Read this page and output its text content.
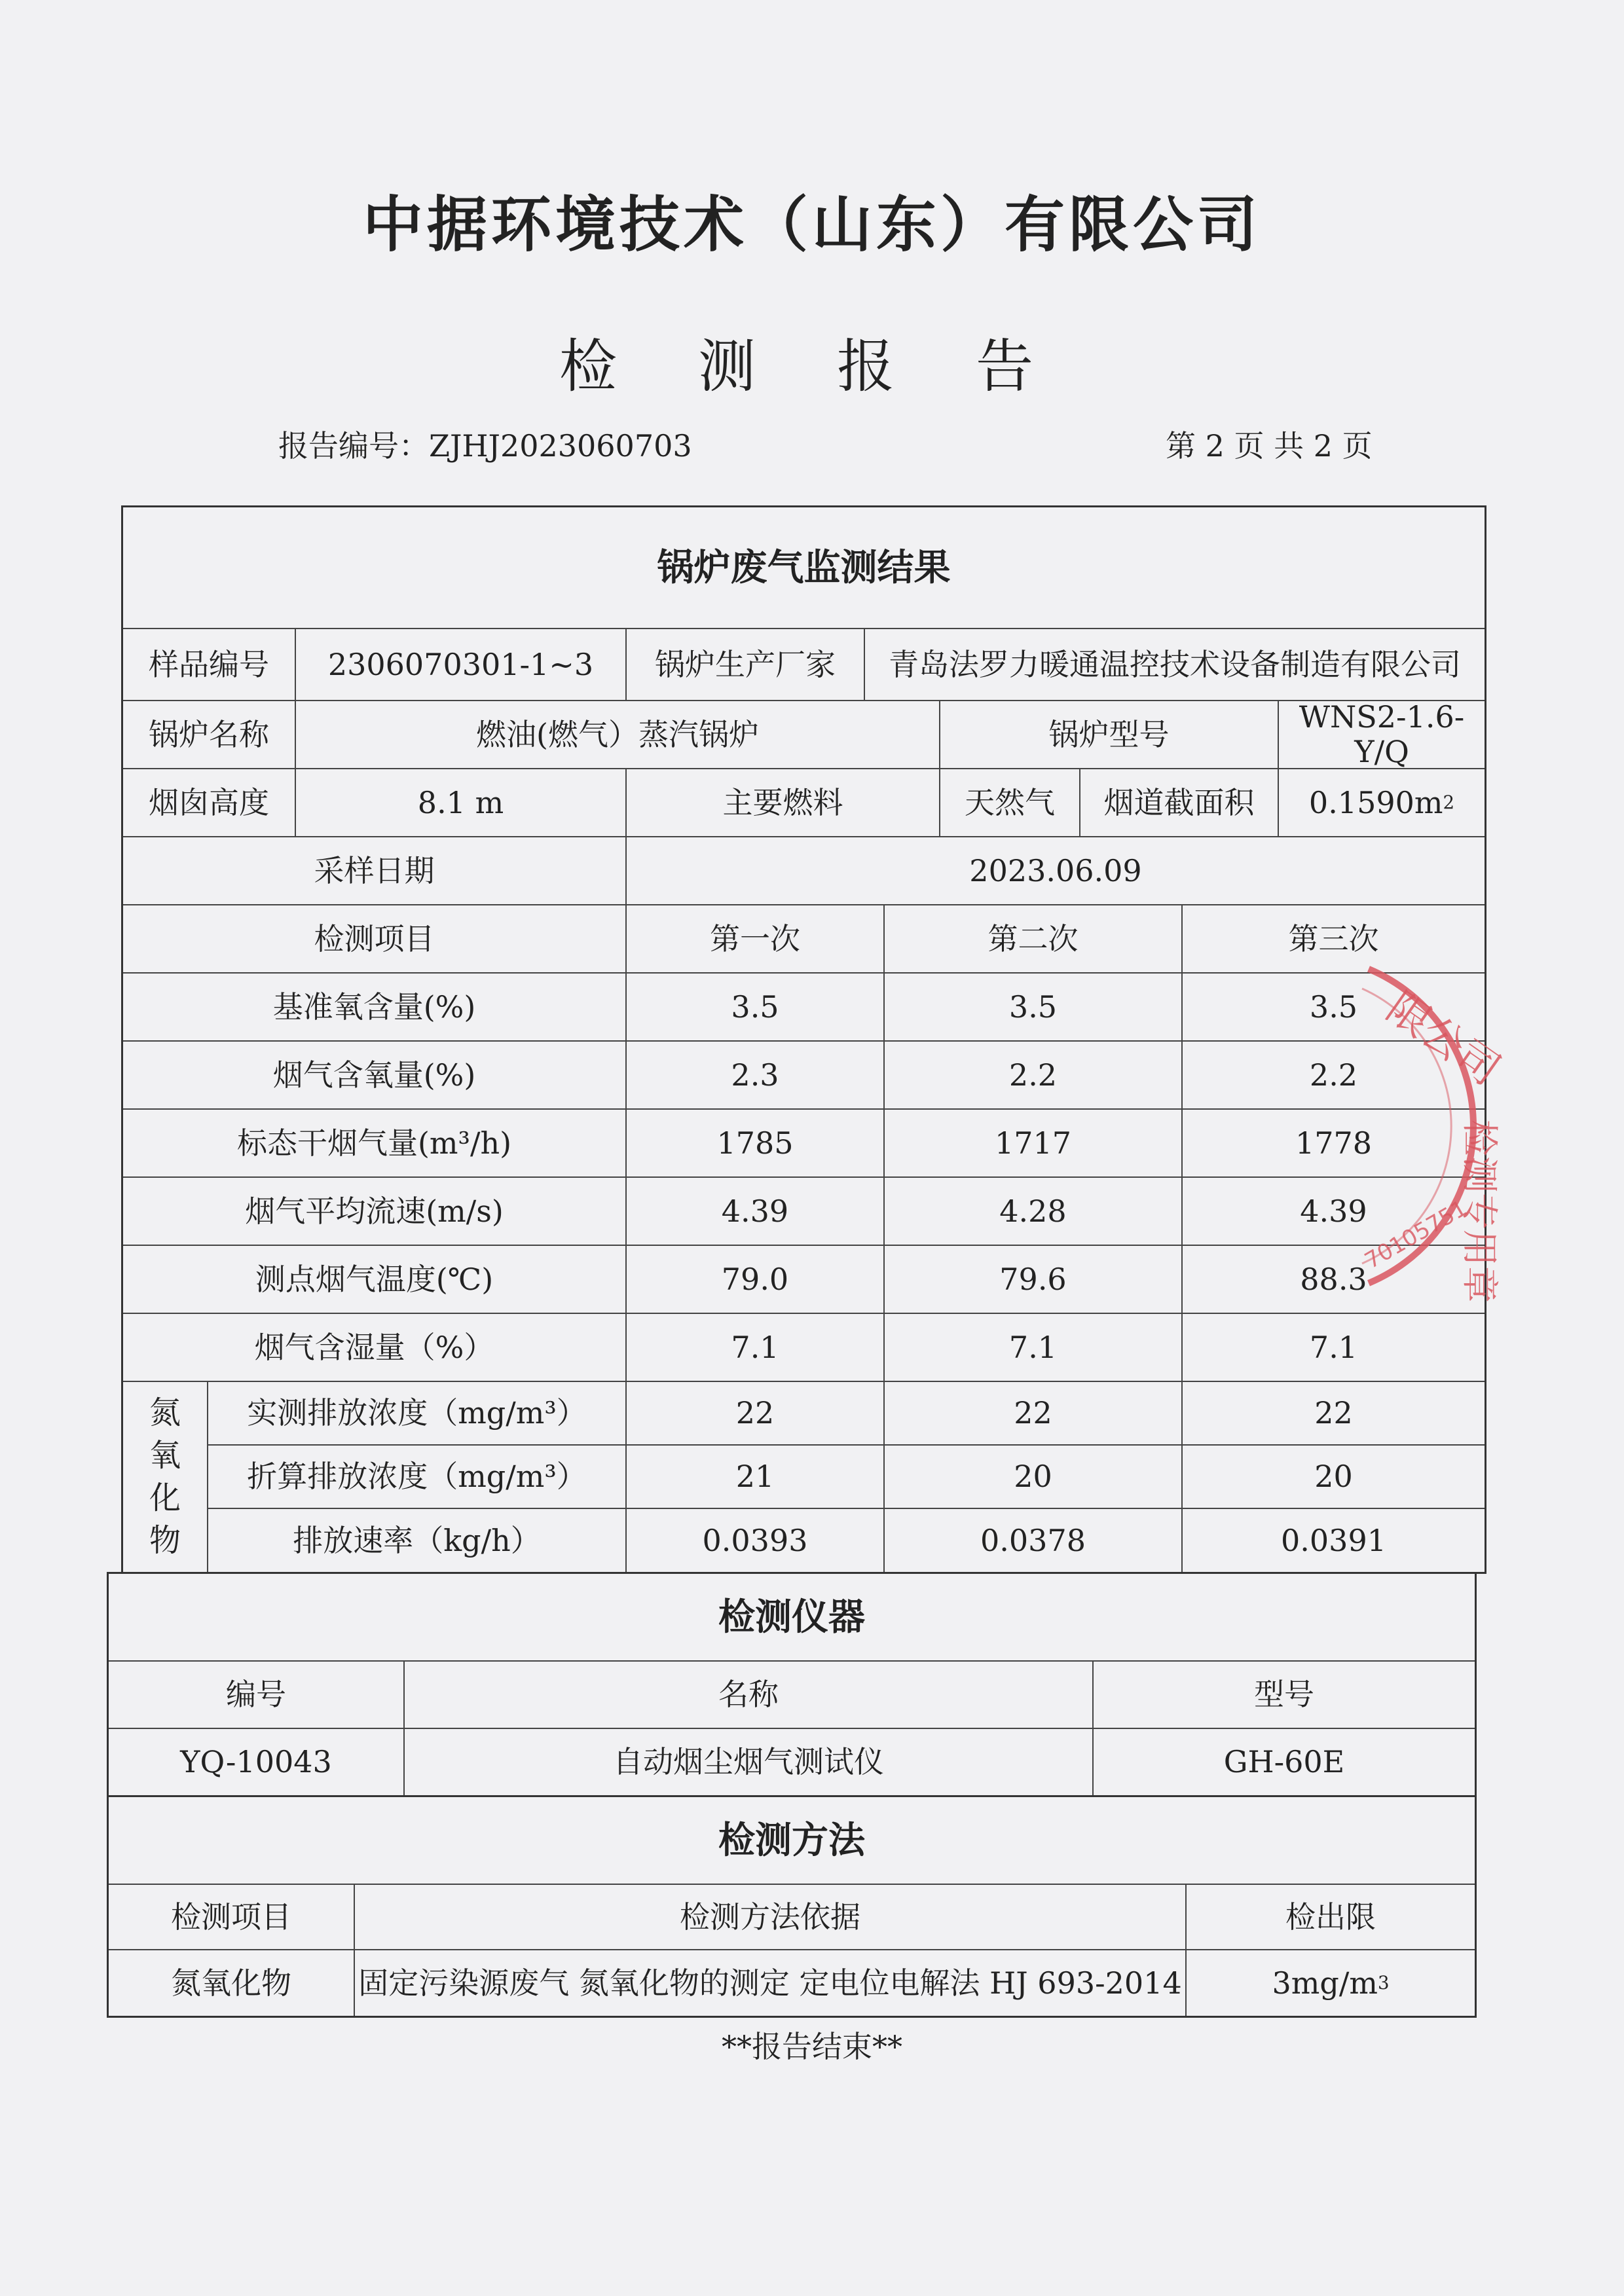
中据环境技术（山东）有限公司
检 测 报 告
报告编号：ZJHJ2023060703	第 2 页 共 2 页
锅炉废气监测结果
样品编号	2306070301-1~3	锅炉生产厂家	青岛法罗力暖通温控技术设备制造有限公司
锅炉名称	燃油(燃气）蒸汽锅炉	锅炉型号	WNS2-1.6-Y/Q
烟囱高度	8.1 m	主要燃料	天然气	烟道截面积	0.1590m 2
采样日期	2023.06.09
检测项目	第一次	第二次	第三次
基准氧含量(%)	3.5	3.5	3.5
烟气含氧量(%)	2.3	2.2	2.2
标态干烟气量(m³/h)	1785	1717	1778
烟气平均流速(m/s)	4.39	4.28	4.39
测点烟气温度(℃)	79.0	79.6	88.3
烟气含湿量（%）	7.1	7.1	7.1
氮
氧
化
物
实测排放浓度（mg/m³）	22	22	22
折算排放浓度（mg/m³）	21	20	20
排放速率（kg/h）	0.0393	0.0378	0.0391
检测仪器
编号	名称	型号
YQ-10043	自动烟尘烟气测试仪	GH-60E
检测方法
检测项目	检测方法依据	检出限
氮氧化物	固定污染源废气 氮氧化物的测定 定电位电解法 HJ 693-2014	3mg/m 3
**报告结束**
限公司
检测专用章
70105751
